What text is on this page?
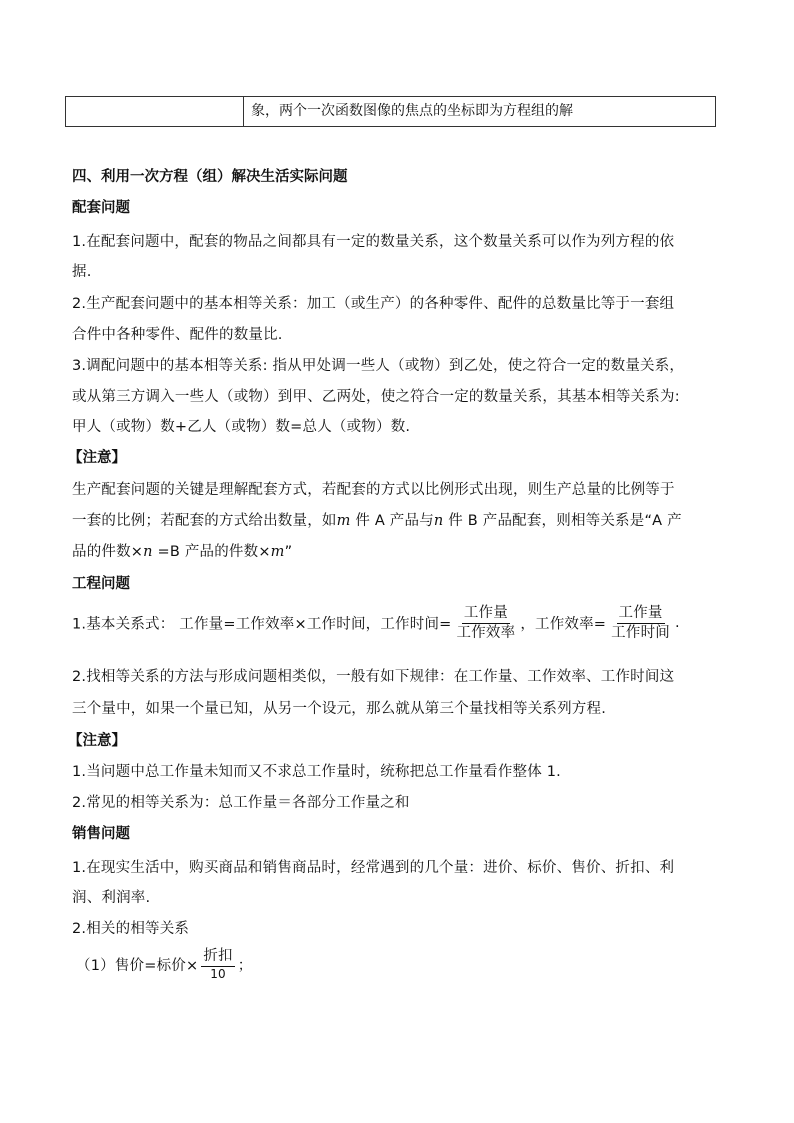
象，两个一次函数图像的焦点的坐标即为方程组的解
四、利用一次方程（组）解决生活实际问题
配套问题
1.在配套问题中，配套的物品之间都具有一定的数量关系，这个数量关系可以作为列方程的依
据.
2.生产配套问题中的基本相等关系：加工（或生产）的各种零件、配件的总数量比等于一套组
合件中各种零件、配件的数量比.
3.调配问题中的基本相等关系: 指从甲处调一些人（或物）到乙处，使之符合一定的数量关系，
或从第三方调入一些人（或物）到甲、乙两处，使之符合一定的数量关系，其基本相等关系为:
甲人（或物）数+乙人（或物）数=总人（或物）数.
【注意】
生产配套问题的关键是理解配套方式，若配套的方式以比例形式出现，则生产总量的比例等于
一套的比例；若配套的方式给出数量，如m 件 A 产品与n 件 B 产品配套，则相等关系是“A 产
品的件数×n =B 产品的件数×m”
工程问题
1.基本关系式： 工作量=工作效率×工作时间，工作时间= $\frac{\text{工作量}}{\text{工作效率}}$ ，工作效率= $\frac{\text{工作量}}{\text{工作时间}}$ .
2.找相等关系的方法与形成问题相类似，一般有如下规律：在工作量、工作效率、工作时间这
三个量中，如果一个量已知，从另一个设元，那么就从第三个量找相等关系列方程.
【注意】
1.当问题中总工作量未知而又不求总工作量时，统称把总工作量看作整体 1.
2.常见的相等关系为：总工作量＝各部分工作量之和
销售问题
1.在现实生活中，购买商品和销售商品时，经常遇到的几个量：进价、标价、售价、折扣、利
润、利润率.
2.相关的相等关系
（1）售价=标价× $\frac{\text{折扣}}{10}$ ；
